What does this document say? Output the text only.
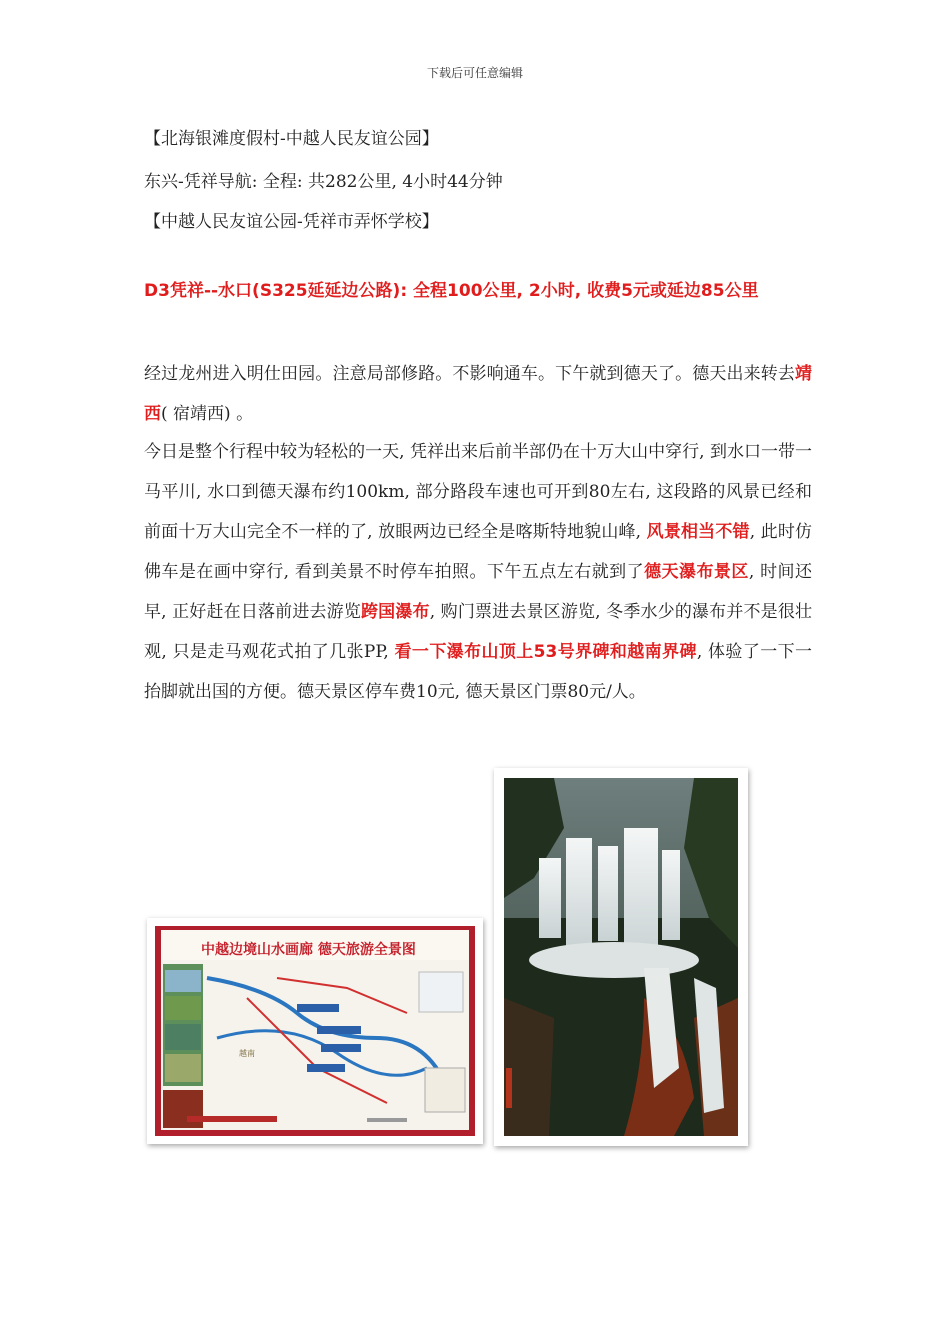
下载后可任意编辑
【北海银滩度假村-中越人民友谊公园】
东兴-凭祥导航: 全程: 共282公里, 4小时44分钟
【中越人民友谊公园-凭祥市弄怀学校】
D3凭祥--水口(S325延延边公路): 全程100公里, 2小时, 收费5元或延边85公里
经过龙州进入明仕田园。注意局部修路。不影响通车。下午就到德天了。德天出来转去靖西( 宿靖西) 。
今日是整个行程中较为轻松的一天, 凭祥出来后前半部仍在十万大山中穿行, 到水口一带一马平川, 水口到德天瀑布约100km, 部分路段车速也可开到80左右, 这段路的风景已经和前面十万大山完全不一样的了, 放眼两边已经全是喀斯特地貌山峰, 风景相当不错, 此时仿佛车是在画中穿行, 看到美景不时停车拍照。下午五点左右就到了德天瀑布景区, 时间还早, 正好赶在日落前进去游览跨国瀑布, 购门票进去景区游览, 冬季水少的瀑布并不是很壮观, 只是走马观花式拍了几张PP, 看一下瀑布山顶上53号界碑和越南界碑, 体验了一下一抬脚就出国的方便。德天景区停车费10元, 德天景区门票80元/人。
中越边境山水画廊 德天旅游全景图
越南
